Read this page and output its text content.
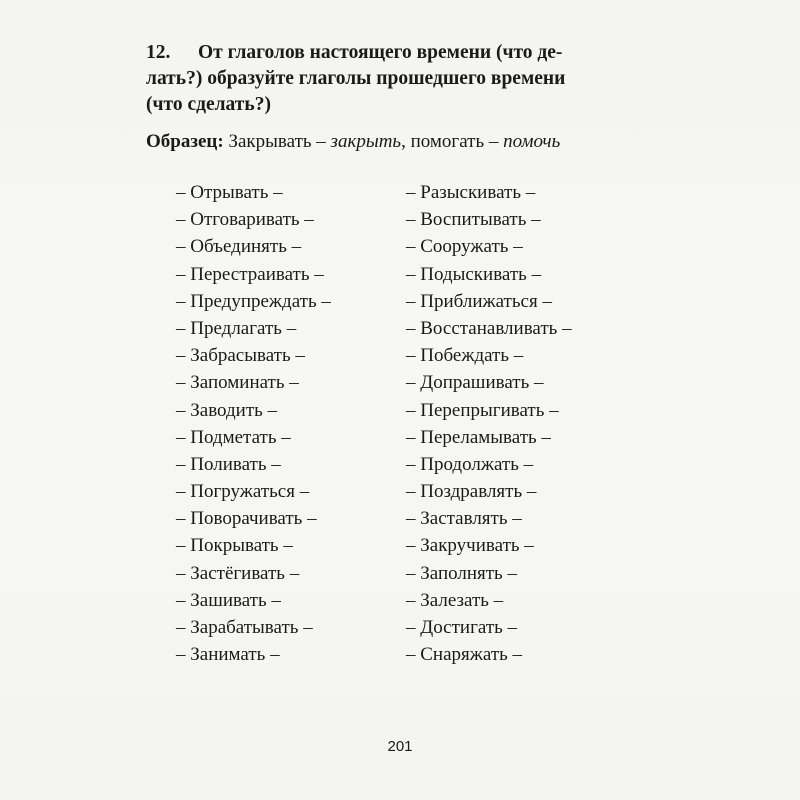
12. От глаголов настоящего времени (что де-
лать?) образуйте глаголы прошедшего времени
(что сделать?)
Образец: Закрывать – закрыть, помогать – помочь
– Отрывать –
– Отговаривать –
– Объединять –
– Перестраивать –
– Предупреждать –
– Предлагать –
– Забрасывать –
– Запоминать –
– Заводить –
– Подметать –
– Поливать –
– Погружаться –
– Поворачивать –
– Покрывать –
– Застёгивать –
– Зашивать –
– Зарабатывать –
– Занимать –
– Разыскивать –
– Воспитывать –
– Сооружать –
– Подыскивать –
– Приближаться –
– Восстанавливать –
– Побеждать –
– Допрашивать –
– Перепрыгивать –
– Переламывать –
– Продолжать –
– Поздравлять –
– Заставлять –
– Закручивать –
– Заполнять –
– Залезать –
– Достигать –
– Снаряжать –
201
